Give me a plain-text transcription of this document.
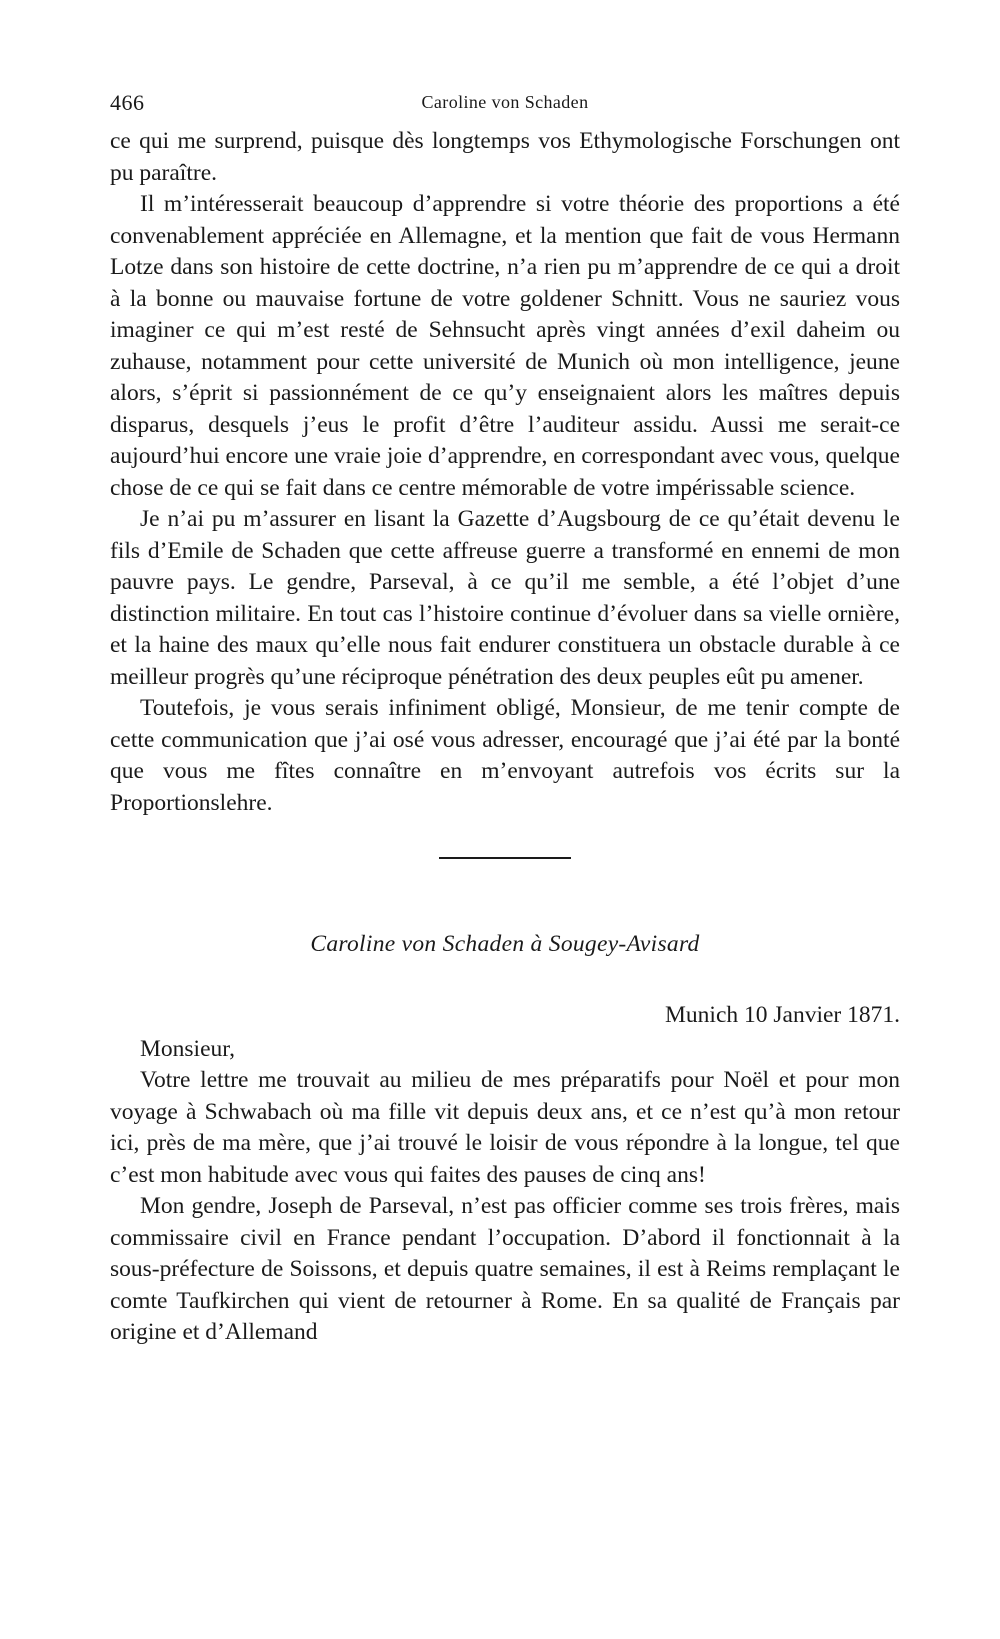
466	Caroline von Schaden

ce qui me surprend, puisque dès longtemps vos Ethymologische Forschungen ont pu paraître.

Il m’intéresserait beaucoup d’apprendre si votre théorie des proportions a été convenablement appréciée en Allemagne, et la mention que fait de vous Hermann Lotze dans son histoire de cette doctrine, n’a rien pu m’apprendre de ce qui a droit à la bonne ou mauvaise fortune de votre goldener Schnitt. Vous ne sauriez vous imaginer ce qui m’est resté de Sehnsucht après vingt années d’exil daheim ou zuhause, notamment pour cette université de Munich où mon intelligence, jeune alors, s’éprit si passionnément de ce qu’y enseignaient alors les maîtres depuis disparus, desquels j’eus le profit d’être l’auditeur assidu. Aussi me serait-ce aujourd’hui encore une vraie joie d’apprendre, en correspondant avec vous, quelque chose de ce qui se fait dans ce centre mémorable de votre impérissable science.

Je n’ai pu m’assurer en lisant la Gazette d’Augsbourg de ce qu’était devenu le fils d’Emile de Schaden que cette affreuse guerre a transformé en ennemi de mon pauvre pays. Le gendre, Parseval, à ce qu’il me semble, a été l’objet d’une distinction militaire. En tout cas l’histoire continue d’évoluer dans sa vielle ornière, et la haine des maux qu’elle nous fait endurer constituera un obstacle durable à ce meilleur progrès qu’une réciproque pénétration des deux peuples eût pu amener.

Toutefois, je vous serais infiniment obligé, Monsieur, de me tenir compte de cette communication que j’ai osé vous adresser, encouragé que j’ai été par la bonté que vous me fîtes connaître en m’envoyant autrefois vos écrits sur la Proportionslehre.

Caroline von Schaden à Sougey-Avisard
Munich 10 Janvier 1871.
Monsieur,

Votre lettre me trouvait au milieu de mes préparatifs pour Noël et pour mon voyage à Schwabach où ma fille vit depuis deux ans, et ce n’est qu’à mon retour ici, près de ma mère, que j’ai trouvé le loisir de vous répondre à la longue, tel que c’est mon habitude avec vous qui faites des pauses de cinq ans!

Mon gendre, Joseph de Parseval, n’est pas officier comme ses trois frères, mais commissaire civil en France pendant l’occupation. D’abord il fonctionnait à la sous-préfecture de Soissons, et depuis quatre semaines, il est à Reims remplaçant le comte Taufkirchen qui vient de retourner à Rome. En sa qualité de Français par origine et d’Allemand
